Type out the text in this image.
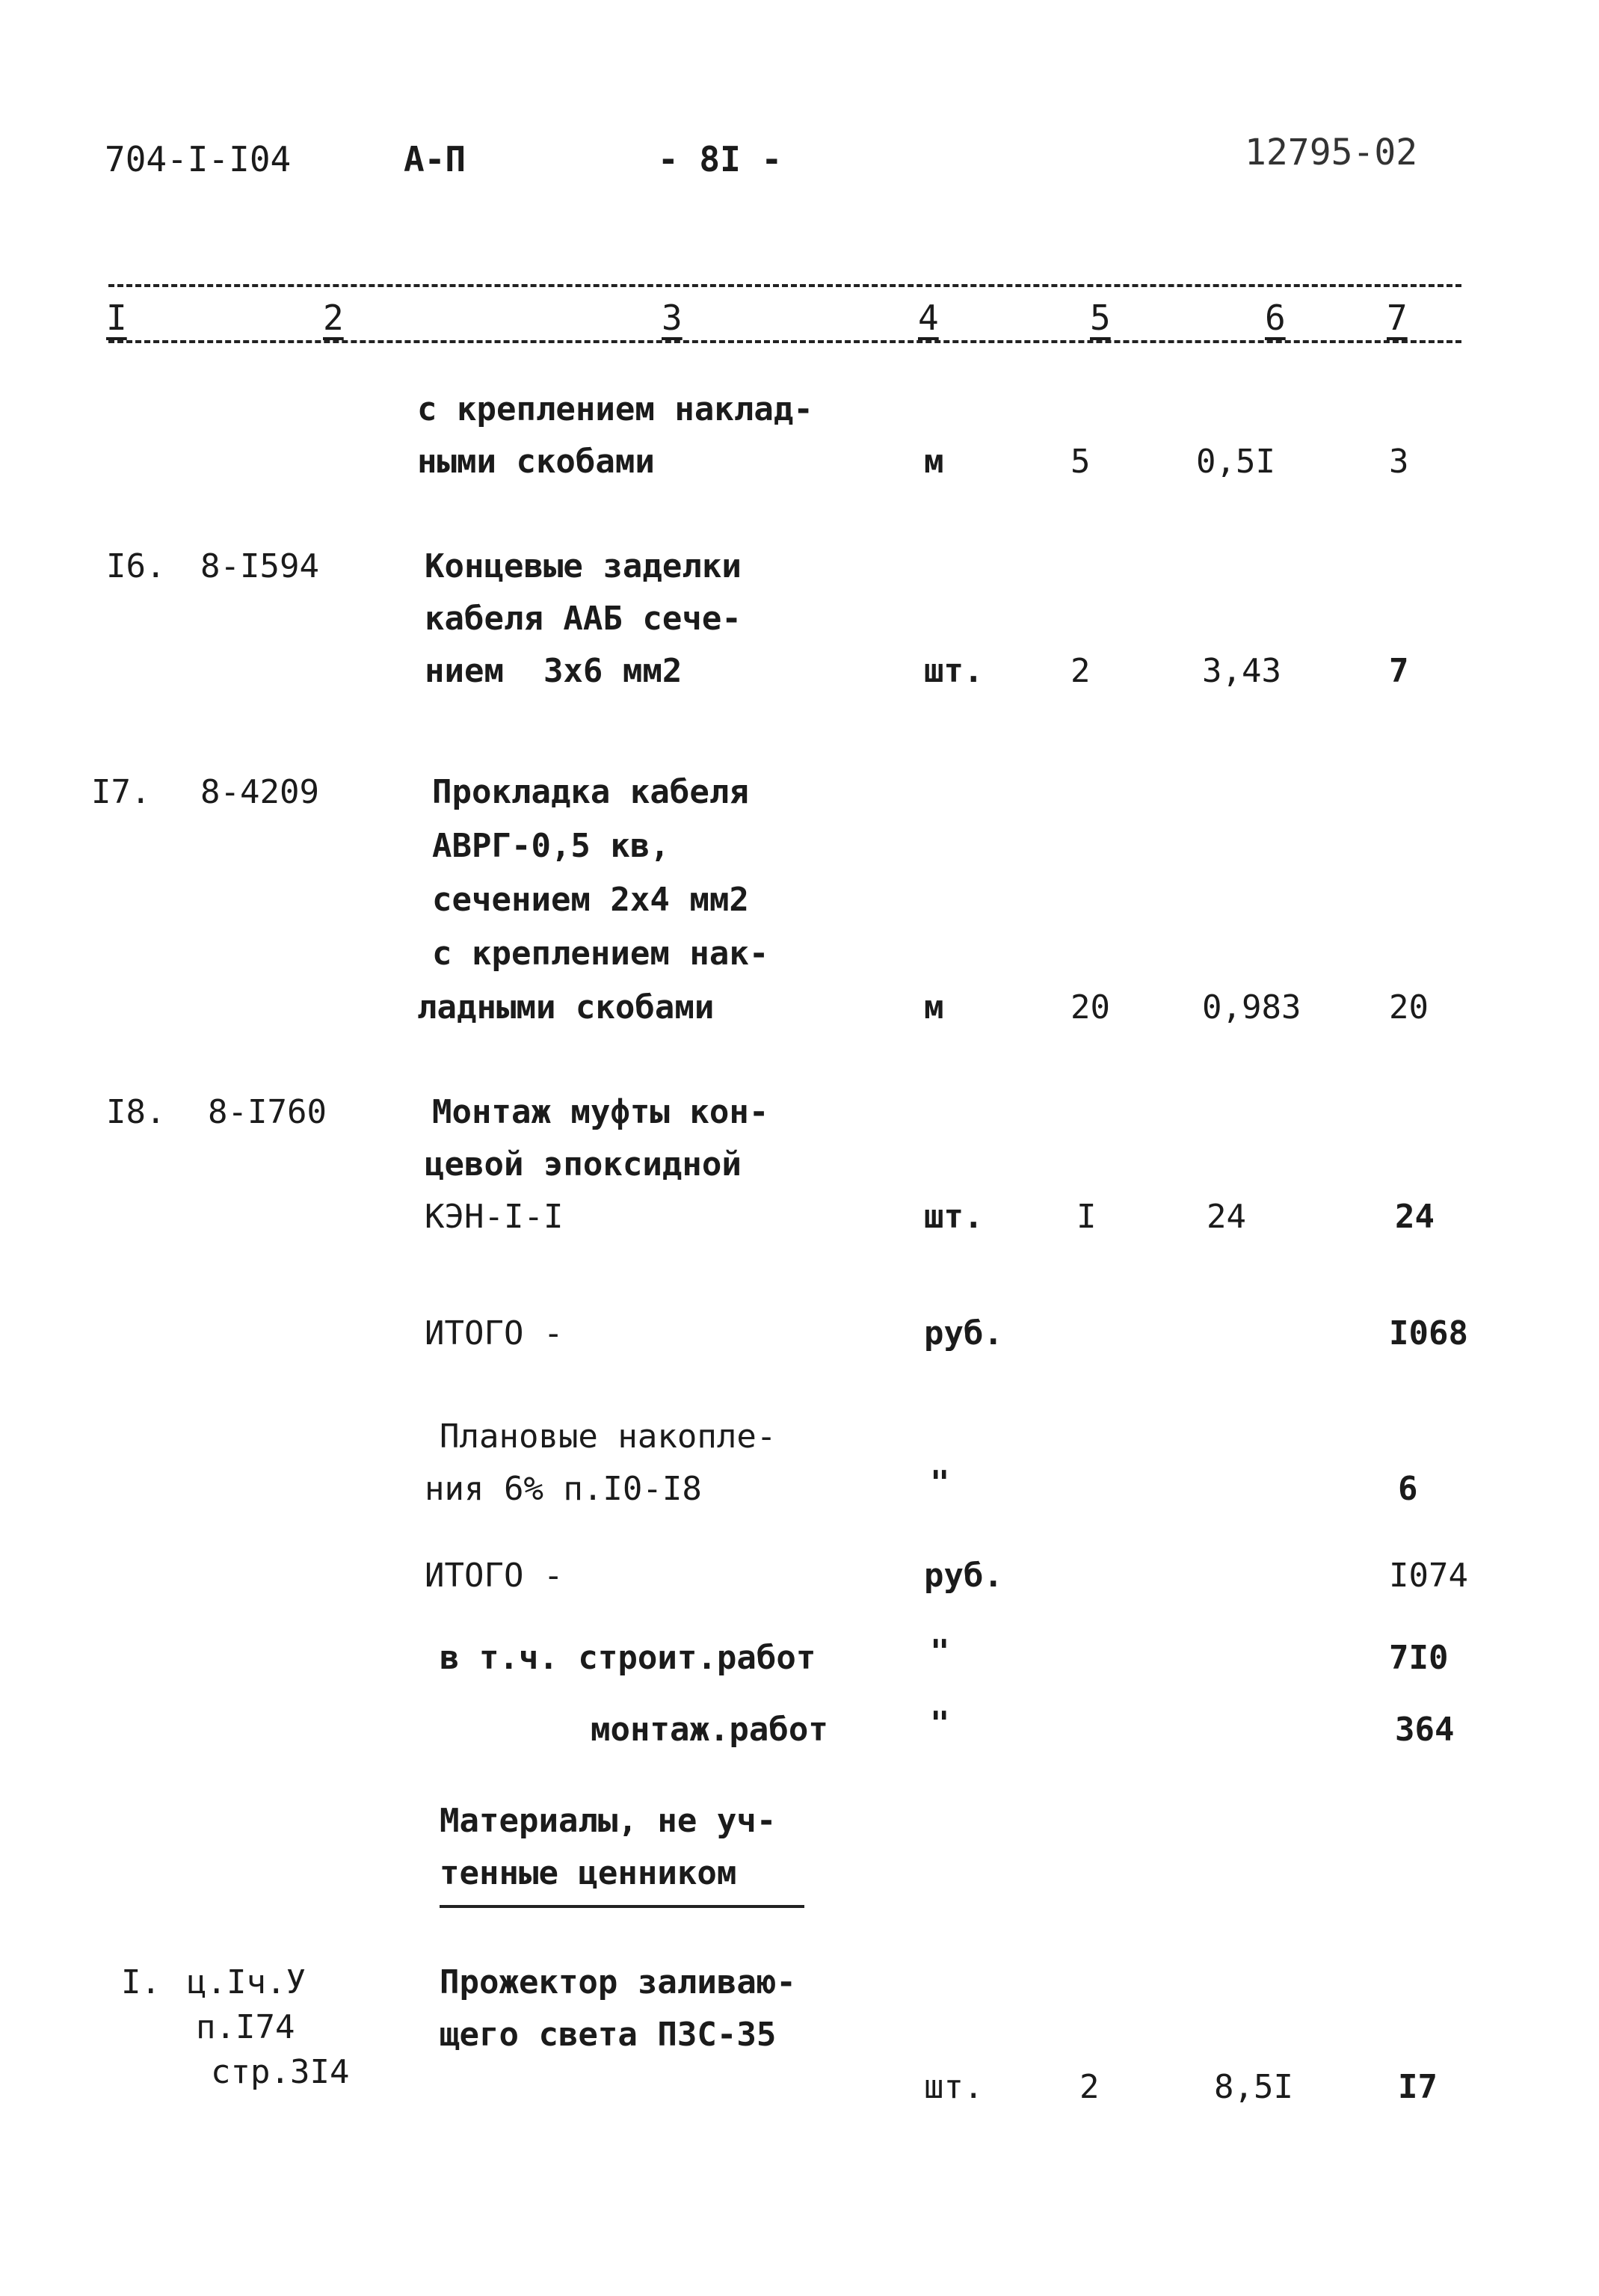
704-I-I04	А-П	- 8I -	12795-02
I	2	3	4	5	6	7
с креплением наклад-
ными скобами	м	5	0,5I	3
I6. 8-I594	Концевые заделки
кабеля ААБ сече-
нием  3х6 мм2	шт.	2	3,43	7
I7. 8-4209	Прокладка кабеля
АВРГ-0,5 кв,
сечением 2х4 мм2
с креплением нак-
ладными скобами	м	20	0,983	20
I8. 8-I760	Монтаж муфты кон-
цевой эпоксидной
КЭН-I-I	шт.	I	24	24
ИТОГО -	руб.	I068
Плановые накопле-
ния 6% п.I0-I8	"	6
ИТОГО -	руб.	I074
в т.ч. строит.работ	"	7I0
монтаж.работ	"	364
Материалы, не уч-
тенные ценником
I. ц.Iч.У
п.I74
стр.3I4
Прожектор заливаю-
щего света ПЗС-35
шт.	2	8,5I	I7
